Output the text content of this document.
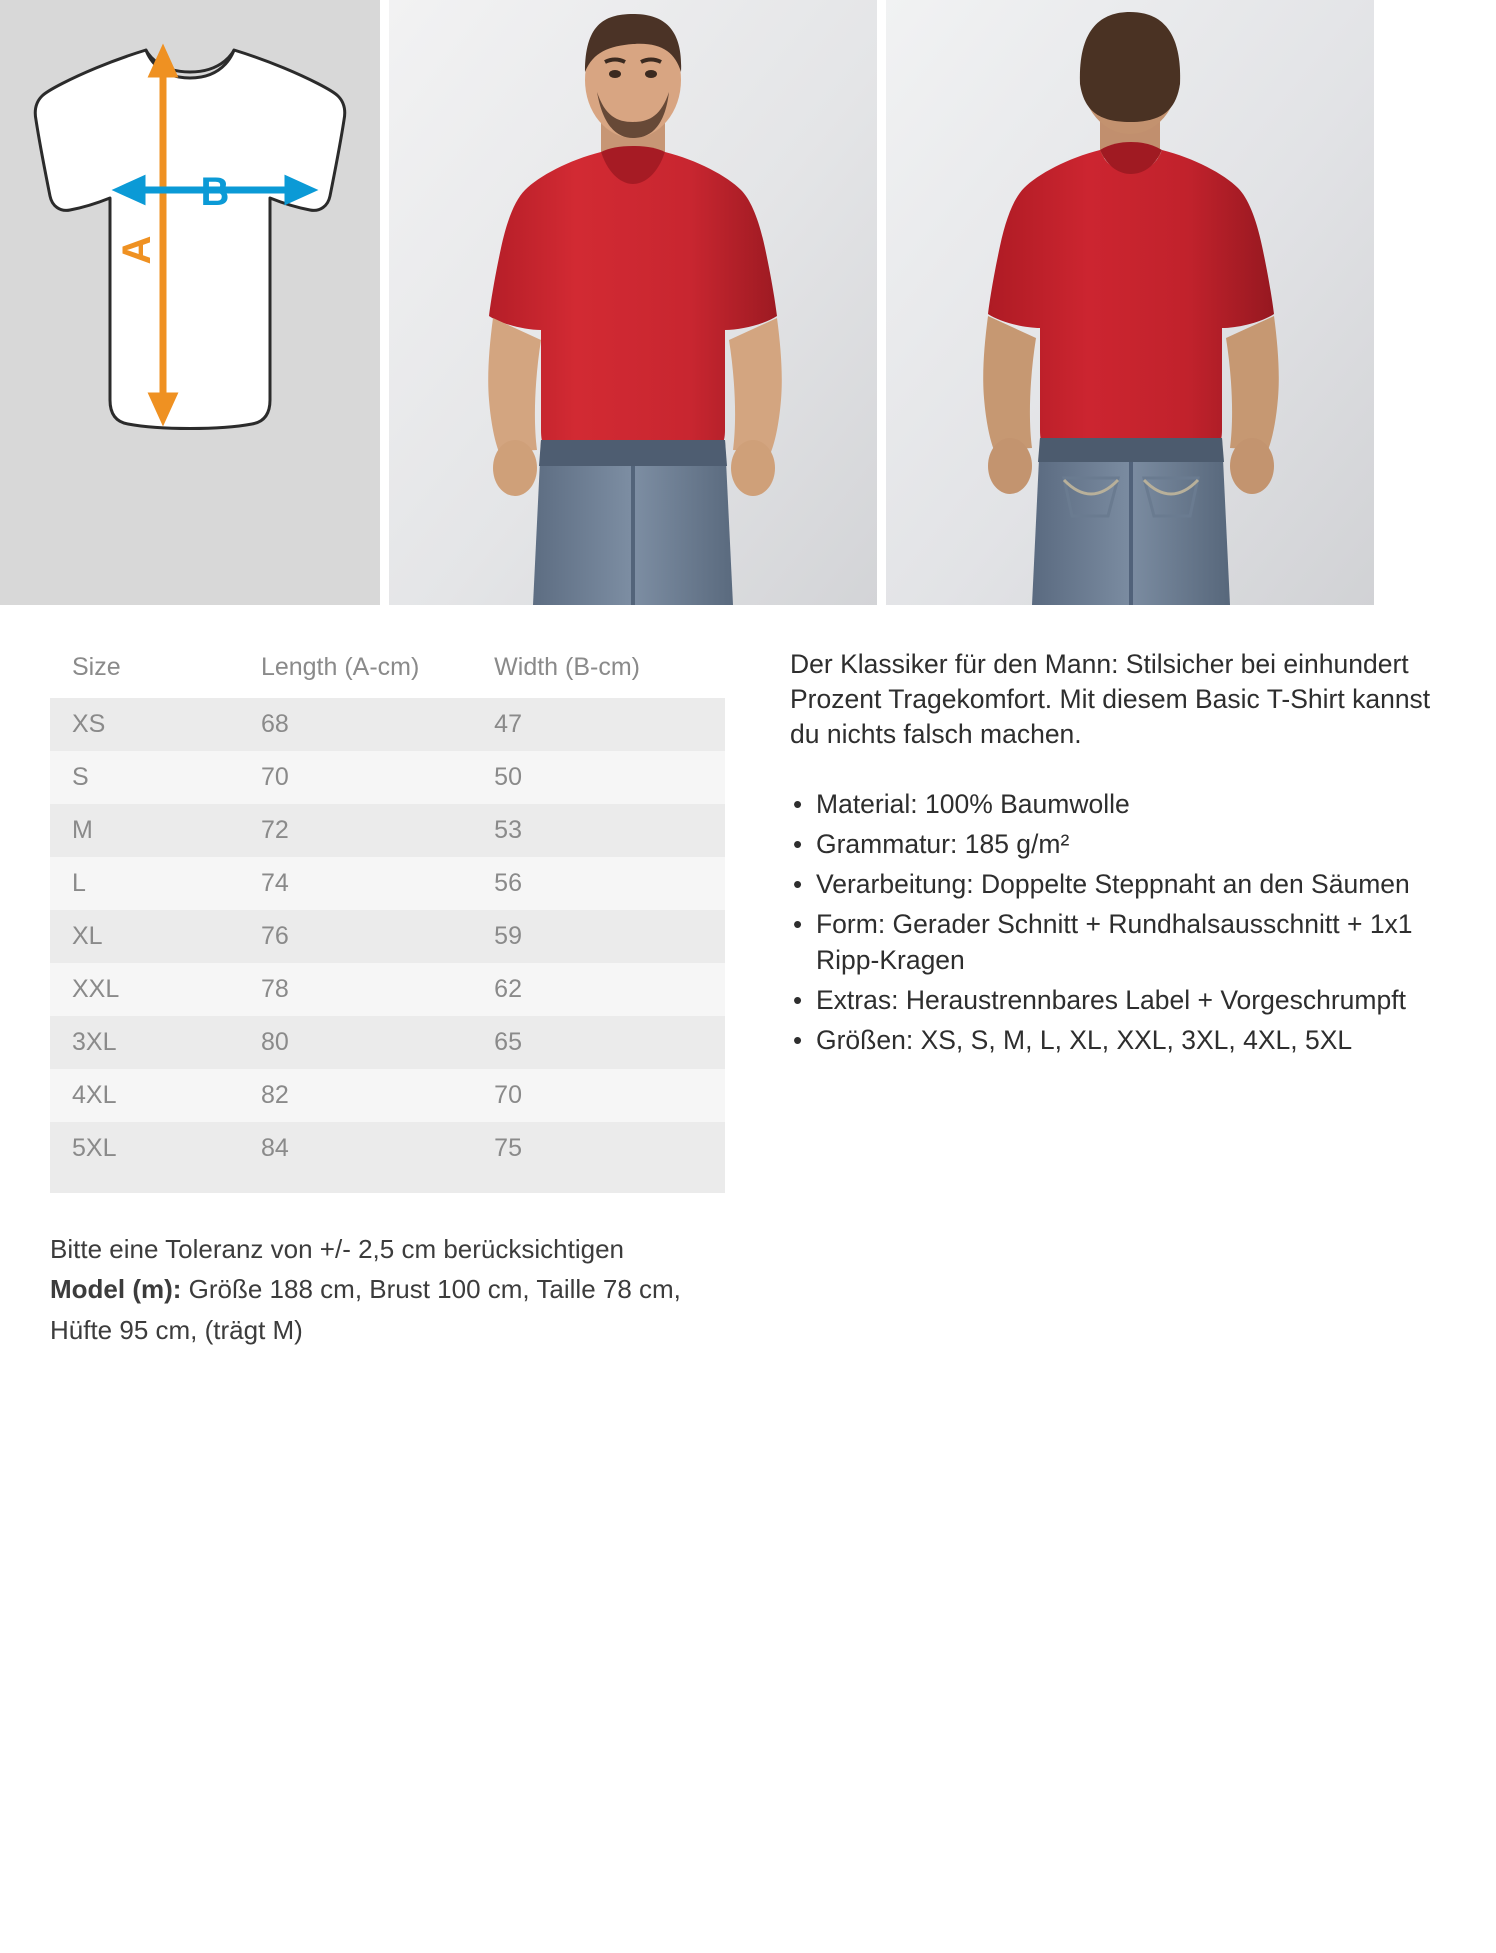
A
B
Size	Length (A-cm)	Width (B-cm)
XS	68	47
S	70	50
M	72	53
L	74	56
XL	76	59
XXL	78	62
3XL	80	65
4XL	82	70
5XL	84	75

Der Klassiker für den Mann: Stilsicher bei einhundert Prozent Tragekomfort. Mit diesem Basic T-Shirt kannst du nichts falsch machen.

• Material: 100% Baumwolle
• Grammatur: 185 g/m²
• Verarbeitung: Doppelte Steppnaht an den Säumen
• Form: Gerader Schnitt + Rundhalsausschnitt + 1x1 Ripp-Kragen
• Extras: Heraustrennbares Label + Vorgeschrumpft
• Größen: XS, S, M, L, XL, XXL, 3XL, 4XL, 5XL
Bitte eine Toleranz von +/- 2,5 cm berücksichtigen
Model (m): Größe 188 cm, Brust 100 cm, Taille 78 cm, Hüfte 95 cm, (trägt M)
